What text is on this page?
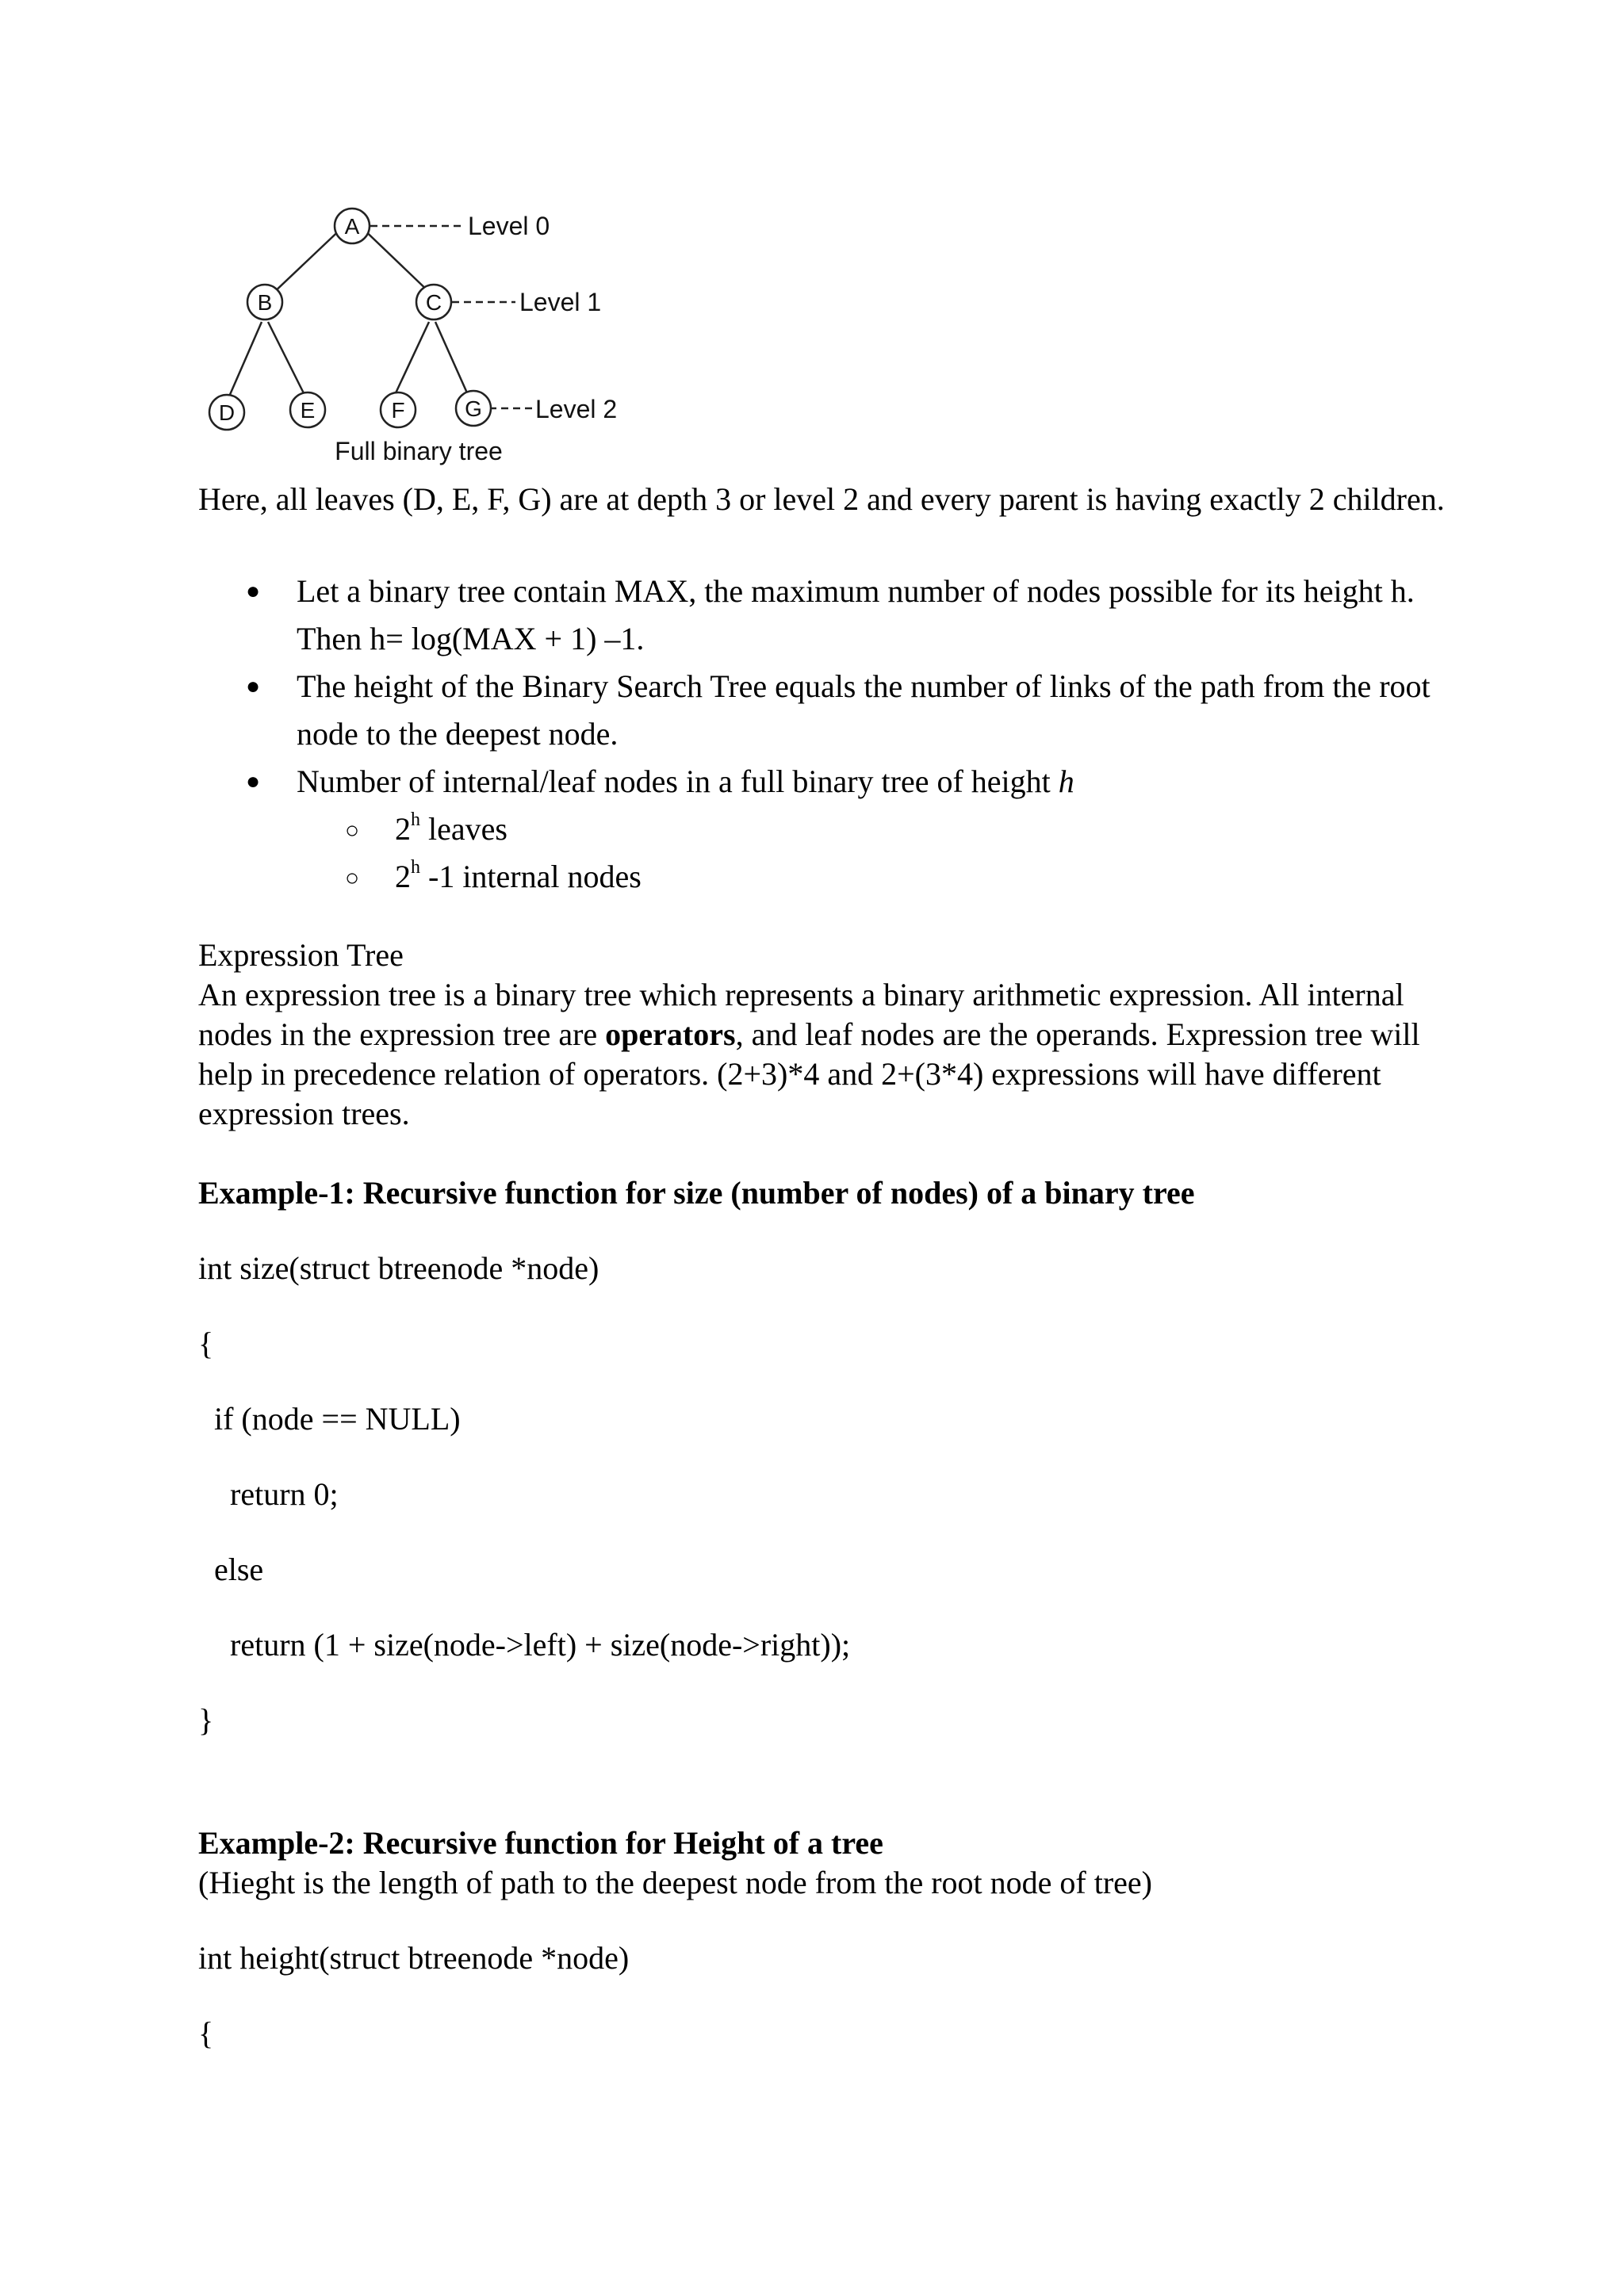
A
B	C
D	E	F	G
Level 0
Level 1
Level 2
Full binary tree
Here, all leaves (D, E, F, G) are at depth 3 or level 2 and every parent is having exactly 2 children.
● Let a binary tree contain MAX, the maximum number of nodes possible for its height h. Then h= log(MAX + 1) –1.
● The height of the Binary Search Tree equals the number of links of the path from the root node to the deepest node.
● Number of internal/leaf nodes in a full binary tree of height h
○ 2$^h$ leaves
○ 2$^h$ -1 internal nodes
Expression Tree
An expression tree is a binary tree which represents a binary arithmetic expression. All internal nodes in the expression tree are operators, and leaf nodes are the operands. Expression tree will help in precedence relation of operators. (2+3)*4 and 2+(3*4) expressions will have different expression trees.
Example-1: Recursive function for size (number of nodes) of a binary tree
int size(struct btreenode *node)
{
if (node == NULL)
return 0;
else
return (1 + size(node->left) + size(node->right));
}
Example-2: Recursive function for Height of a tree
(Hieght is the length of path to the deepest node from the root node of tree)
int height(struct btreenode *node)
{
